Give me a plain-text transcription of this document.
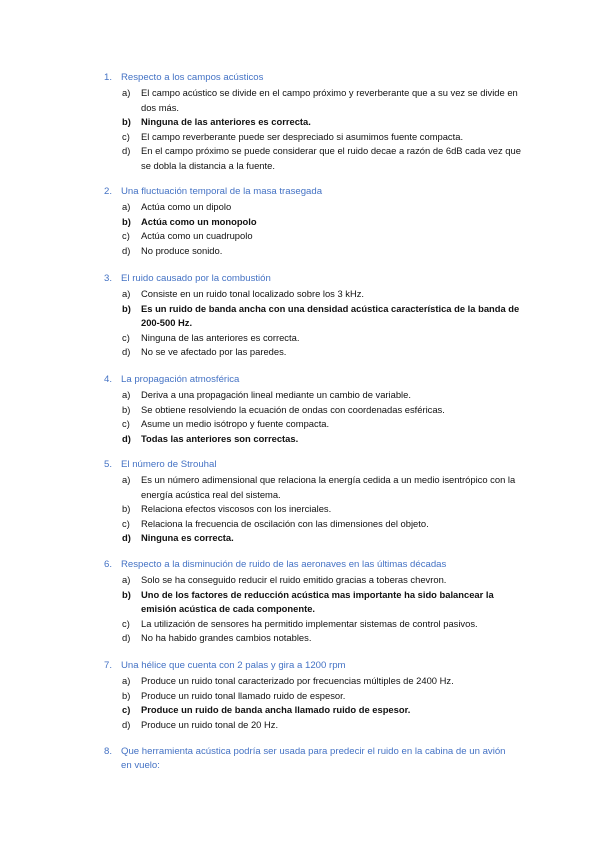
1. Respecto a los campos acústicos
a) El campo acústico se divide en el campo próximo y reverberante que a su vez se divide en dos más.
b) Ninguna de las anteriores es correcta.
c) El campo reverberante puede ser despreciado si asumimos fuente compacta.
d) En el campo próximo se puede considerar que el ruido decae a razón de 6dB cada vez que se dobla la distancia a la fuente.
2. Una fluctuación temporal de la masa trasegada
a) Actúa como un dipolo
b) Actúa como un monopolo
c) Actúa como un cuadrupolo
d) No produce sonido.
3. El ruido causado por la combustión
a) Consiste en un ruido tonal localizado sobre los 3 kHz.
b) Es un ruido de banda ancha con una densidad acústica característica de la banda de 200-500 Hz.
c) Ninguna de las anteriores es correcta.
d) No se ve afectado por las paredes.
4. La propagación atmosférica
a) Deriva a una propagación lineal mediante un cambio de variable.
b) Se obtiene resolviendo la ecuación de ondas con coordenadas esféricas.
c) Asume un medio isótropo y fuente compacta.
d) Todas las anteriores son correctas.
5. El número de Strouhal
a) Es un número adimensional que relaciona la energía cedida a un medio isentrópico con la energía acústica real del sistema.
b) Relaciona efectos viscosos con los inerciales.
c) Relaciona la frecuencia de oscilación con las dimensiones del objeto.
d) Ninguna es correcta.
6. Respecto a la disminución de ruido de las aeronaves en las últimas décadas
a) Solo se ha conseguido reducir el ruido emitido gracias a toberas chevron.
b) Uno de los factores de reducción acústica mas importante ha sido balancear la emisión acústica de cada componente.
c) La utilización de sensores ha permitido implementar sistemas de control pasivos.
d) No ha habido grandes cambios notables.
7. Una hélice que cuenta con 2 palas y gira a 1200 rpm
a) Produce un ruido tonal caracterizado por frecuencias múltiples de 2400 Hz.
b) Produce un ruido tonal llamado ruido de espesor.
c) Produce un ruido de banda ancha llamado ruido de espesor.
d) Produce un ruido tonal de 20 Hz.
8. Que herramienta acústica podría ser usada para predecir el ruido en la cabina de un avión en vuelo:
